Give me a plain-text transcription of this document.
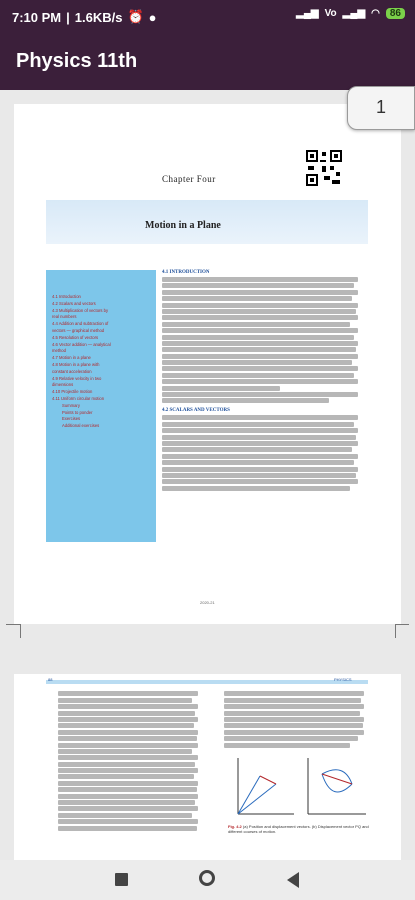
7:10 PM | 1.6KB/s ⏰ ●	▂▄▆ Vo ▂▄▆ ◠	86
Physics 11th
Chapter Four
Motion in a Plane
4.1 Introduction
4.2 Scalars and vectors
4.3 Multiplication of vectors by
real numbers
4.4 Addition and subtraction of
vectors — graphical method
4.5 Resolution of vectors
4.6 Vector addition — analytical
method
4.7 Motion in a plane
4.8 Motion in a plane with
constant acceleration
4.9 Relative velocity in two
dimensions
4.10 Projectile motion
4.11 Uniform circular motion
Summary
Points to ponder
Exercises
Additional exercises
4.1 INTRODUCTION
4.2 SCALARS AND VECTORS
2020-21
88	PHYSICS
Fig. 4.2 (a) Position and displacement vectors. (b) Displacement vector PQ and different courses of motion.
1
